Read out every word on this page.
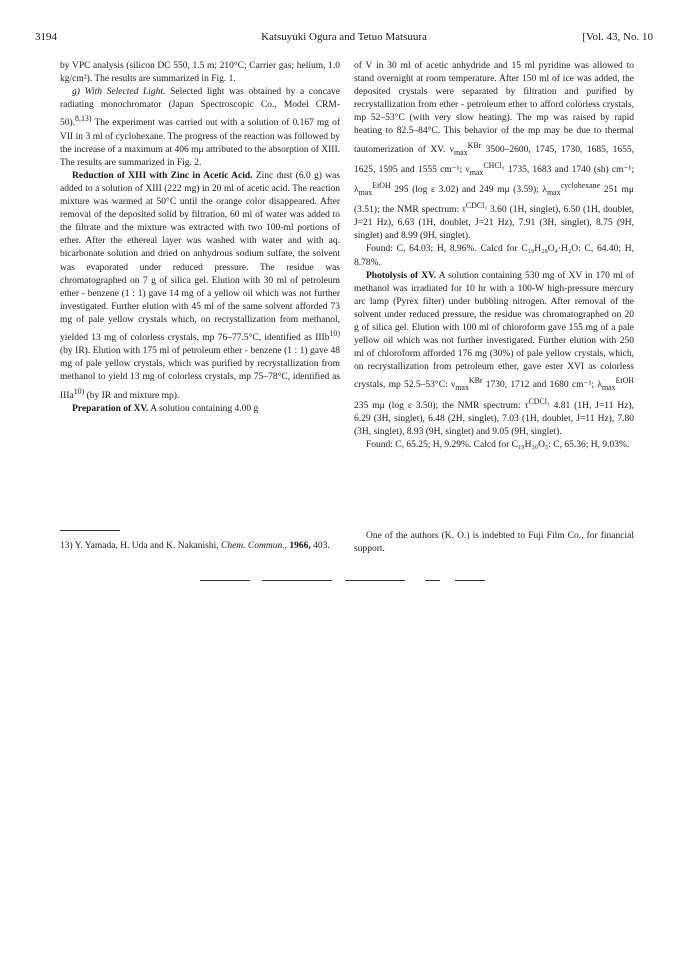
3194	Katsuyuki Ogura and Tetuo Matsuura	[Vol. 43, No. 10

by VPC analysis (silicon DC 550, 1.5 m; 210°C; Carrier gas; helium, 1.0 kg/cm²). The results are summarized in Fig. 1.

g) With Selected Light. Selected light was obtained by a concave radiating monochromator (Japan Spectroscopic Co., Model CRM-50).$^{8,13)}$ The experiment was carried out with a solution of 0.167 mg of VII in 3 ml of cyclohexane. The progress of the reaction was followed by the increase of a maximum at 406 mμ attributed to the absorption of XIII. The results are summarized in Fig. 2.

Reduction of XIII with Zinc in Acetic Acid. Zinc dust (6.0 g) was added to a solution of XIII (222 mg) in 20 ml of acetic acid. The reaction mixture was warmed at 50°C until the orange color disappeared. After removal of the deposited solid by filtration, 60 ml of water was added to the filtrate and the mixture was extracted with two 100-ml portions of ether. After the ethereal layer was washed with water and with aq. bicarbonate solution and dried on anhydrous sodium sulfate, the solvent was evaporated under reduced pressure. The residue was chromatographed on 7 g of silica gel. Elution with 30 ml of petroleum ether - benzene (1 : 1) gave 14 mg of a yellow oil which was not further investigated. Further elution with 45 ml of the same solvent afforded 73 mg of pale yellow crystals which, on recrystallization from methanol, yielded 13 mg of colorless crystals, mp 76–77.5°C, identified as IIIb$^{10)}$ (by IR). Elution with 175 ml of petroleum ether - benzene (1 : 1) gave 48 mg of pale yellow crystals, which was purified by recrystallization from methanol to yield 13 mg of colorless crystals, mp 75–78°C, identified as IIIa$^{10)}$ (by IR and mixture mp).

Preparation of XV. A solution containing 4.00 g

13) Y. Yamada, H. Uda and K. Nakanishi, Chem. Commun., 1966, 403.

of V in 30 ml of acetic anhydride and 15 ml pyridine was allowed to stand overnight at room temperature. After 150 ml of ice was added, the deposited crystals were separated by filtration and purified by recrystallization from ether - petroleum ether to afford colorless crystals, mp 52–53°C (with very slow heating). The mp was raised by rapid heating to 82.5–84°C. This behavior of the mp may be due to thermal tautomerization of XV. $\nu_{max}^{KBr}$ 3500–2600, 1745, 1730, 1685, 1655, 1625, 1595 and 1555 cm⁻¹; $\nu_{max}^{CHCl_3}$ 1735, 1683 and 1740 (sh) cm⁻¹; $\lambda_{max}^{EtOH}$ 295 (log ε 3.02) and 249 mμ (3.59); $\lambda_{max}^{cyclohexane}$ 251 mμ (3.51); the NMR spectrum: $\tau^{CDCl_3}$ 3.60 (1H, singlet), 6.50 (1H, doublet, J=21 Hz), 6.63 (1H, doublet, J=21 Hz), 7.91 (3H, singlet), 8.75 (9H, singlet) and 8.99 (9H, singlet).

Found: C, 64.03; H, 8.96%. Calcd for C₁₉H₂₈O₄·H₂O: C, 64.40; H, 8.78%.

Photolysis of XV. A solution containing 530 mg of XV in 170 ml of methanol was irradiated for 10 hr with a 100-W high-pressure mercury arc lamp (Pyrex filter) under bubbling nitrogen. After removal of the solvent under reduced pressure, the residue was chromatographed on 20 g of silica gel. Elution with 100 ml of chloroform gave 155 mg of a pale yellow oil which was not further investigated. Further elution with 250 ml of chloroform afforded 176 mg (30%) of pale yellow crystals, which, on recrystallization from petroleum ether, gave ester XVI as colorless crystals, mp 52.5–53°C: $\nu_{max}^{KBr}$ 1730, 1712 and 1680 cm⁻¹; $\lambda_{max}^{EtOH}$ 235 mμ (log ε 3.50); the NMR spectrum: $\tau^{CDCl_3}$ 4.81 (1H, J=11 Hz), 6.29 (3H, singlet), 6.48 (2H, singlet), 7.03 (1H, doublet, J=11 Hz), 7.80 (3H, singlet), 8.93 (9H, singlet) and 9.05 (9H, singlet).

Found: C, 65.25; H, 9.29%. Calcd for C₁₉H₃₀O₅: C, 65.36; H, 9.03%.

One of the authors (K. O.) is indebted to Fuji Film Co., for financial support.
